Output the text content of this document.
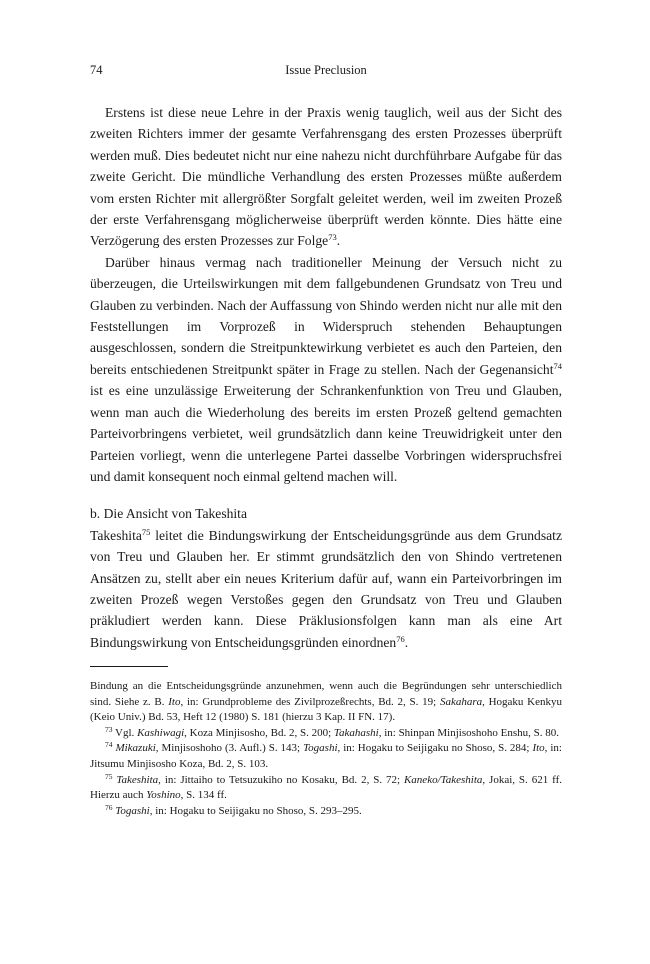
74	Issue Preclusion

Erstens ist diese neue Lehre in der Praxis wenig tauglich, weil aus der Sicht des zweiten Richters immer der gesamte Verfahrensgang des ersten Prozesses überprüft werden muß. Dies bedeutet nicht nur eine nahezu nicht durchführbare Aufgabe für das zweite Gericht. Die mündliche Verhandlung des ersten Prozesses müßte außerdem vom ersten Richter mit allergrößter Sorgfalt geleitet werden, weil im zweiten Prozeß der erste Verfahrensgang möglicherweise überprüft werden könnte. Dies hätte eine Verzögerung des ersten Prozesses zur Folge$^{73}$.

Darüber hinaus vermag nach traditioneller Meinung der Versuch nicht zu überzeugen, die Urteilswirkungen mit dem fallgebundenen Grundsatz von Treu und Glauben zu verbinden. Nach der Auffassung von Shindo werden nicht nur alle mit den Feststellungen im Vorprozeß in Widerspruch stehenden Behauptungen ausgeschlossen, sondern die Streitpunktewirkung verbietet es auch den Parteien, den bereits entschiedenen Streitpunkt später in Frage zu stellen. Nach der Gegenansicht$^{74}$ ist es eine unzulässige Erweiterung der Schrankenfunktion von Treu und Glauben, wenn man auch die Wiederholung des bereits im ersten Prozeß geltend gemachten Parteivorbringens verbietet, weil grundsätzlich dann keine Treuwidrigkeit unter den Parteien vorliegt, wenn die unterlegene Partei dasselbe Vorbringen widerspruchsfrei und damit konsequent noch einmal geltend machen will.

b. Die Ansicht von Takeshita

Takeshita$^{75}$ leitet die Bindungswirkung der Entscheidungsgründe aus dem Grundsatz von Treu und Glauben her. Er stimmt grundsätzlich den von Shindo vertretenen Ansätzen zu, stellt aber ein neues Kriterium dafür auf, wann ein Parteivorbringen im zweiten Prozeß wegen Verstoßes gegen den Grundsatz von Treu und Glauben präkludiert werden kann. Diese Präklusionsfolgen kann man als eine Art Bindungswirkung von Entscheidungsgründen einordnen$^{76}$.

Bindung an die Entscheidungsgründe anzunehmen, wenn auch die Begründungen sehr unterschiedlich sind. Siehe z. B. Ito, in: Grundprobleme des Zivilprozeßrechts, Bd. 2, S. 19; Sakahara, Hogaku Kenkyu (Keio Univ.) Bd. 53, Heft 12 (1980) S. 181 (hierzu 3 Kap. II FN. 17).

$^{73}$ Vgl. Kashiwagi, Koza Minjisosho, Bd. 2, S. 200; Takahashi, in: Shinpan Minjisoshoho Enshu, S. 80.

$^{74}$ Mikazuki, Minjisoshoho (3. Aufl.) S. 143; Togashi, in: Hogaku to Seijigaku no Shoso, S. 284; Ito, in: Jitsumu Minjisosho Koza, Bd. 2, S. 103.

$^{75}$ Takeshita, in: Jittaiho to Tetsuzukiho no Kosaku, Bd. 2, S. 72; Kaneko/Takeshita, Jokai, S. 621 ff. Hierzu auch Yoshino, S. 134 ff.

$^{76}$ Togashi, in: Hogaku to Seijigaku no Shoso, S. 293–295.
